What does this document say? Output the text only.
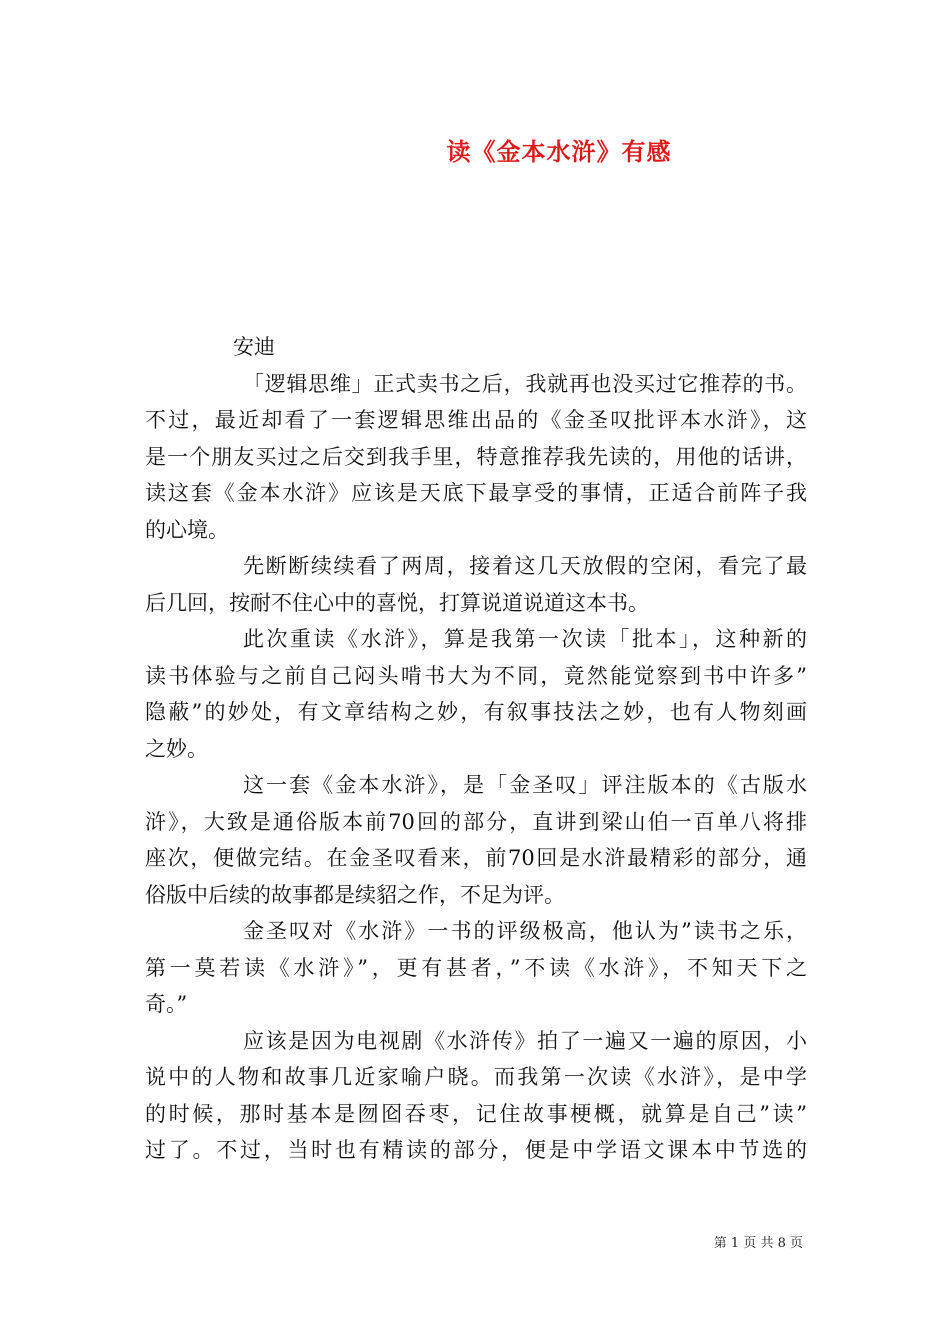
读《金本水浒》有感
安迪
「逻辑思维」正式卖书之后，我就再也没买过它推荐的书。
不过，最近却看了一套逻辑思维出品的《金圣叹批评本水浒》，这
是一个朋友买过之后交到我手里，特意推荐我先读的，用他的话讲，
读这套《金本水浒》应该是天底下最享受的事情，正适合前阵子我
的心境。
先断断续续看了两周，接着这几天放假的空闲，看完了最
后几回，按耐不住心中的喜悦，打算说道说道这本书。
此次重读《水浒》，算是我第一次读「批本」，这种新的
读书体验与之前自己闷头啃书大为不同，竟然能觉察到书中许多”
隐蔽”的妙处，有文章结构之妙，有叙事技法之妙，也有人物刻画
之妙。
这一套《金本水浒》，是「金圣叹」评注版本的《古版水
浒》，大致是通俗版本前70回的部分，直讲到梁山伯一百单八将排
座次，便做完结。在金圣叹看来，前70回是水浒最精彩的部分，通
俗版中后续的故事都是续貂之作，不足为评。
金圣叹对《水浒》一书的评级极高，他认为”读书之乐，
第一莫若读《水浒》”，更有甚者，”不读《水浒》，不知天下之
奇。”
应该是因为电视剧《水浒传》拍了一遍又一遍的原因，小
说中的人物和故事几近家喻户晓。而我第一次读《水浒》，是中学
的时候，那时基本是囫囵吞枣，记住故事梗概，就算是自己”读”
过了。不过，当时也有精读的部分，便是中学语文课本中节选的
第 1 页 共 8 页
